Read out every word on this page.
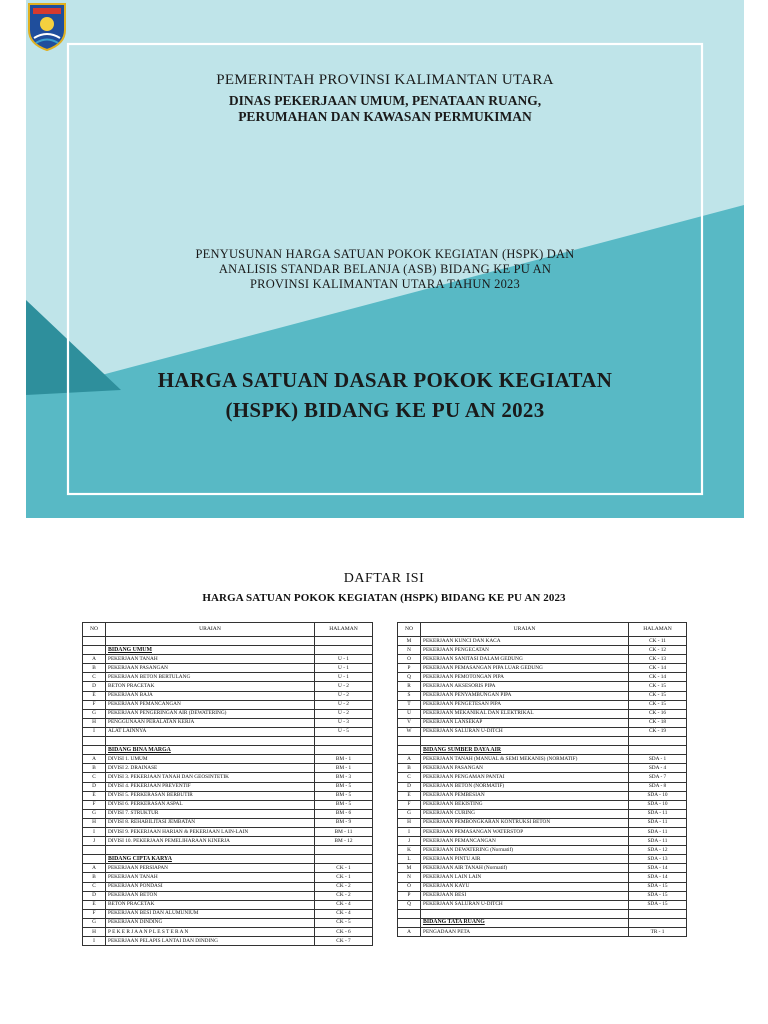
PEMERINTAH PROVINSI KALIMANTAN UTARA
DINAS PEKERJAAN UMUM, PENATAAN RUANG,
PERUMAHAN DAN KAWASAN PERMUKIMAN
PENYUSUNAN HARGA SATUAN POKOK KEGIATAN (HSPK) DAN
ANALISIS STANDAR BELANJA (ASB) BIDANG KE PU AN
PROVINSI KALIMANTAN UTARA TAHUN 2023
HARGA SATUAN DASAR POKOK KEGIATAN
(HSPK) BIDANG KE PU AN 2023
DAFTAR ISI
HARGA SATUAN POKOK KEGIATAN (HSPK) BIDANG KE PU AN 2023
NO	URAIAN	HALAMAN

	BIDANG UMUM	
A	PEKERJAAN TANAH	U - 1
B	PEKERJAAN PASANGAN	U - 1
C	PEKERJAAN BETON BERTULANG	U - 1
D	BETON PRACETAK	U - 2
E	PEKERJAAN BAJA	U - 2
F	PEKERJAAN PEMANCANGAN	U - 2
G	PEKERJAAN PENGERINGAN AIR (DEWATERING)	U - 2
H	PENGGUNAAN PERALATAN KERJA	U - 3
I	ALAT LAINNYA	U - 5

	BIDANG BINA MARGA	
A	DIVISI 1. UMUM	BM - 1
B	DIVISI 2. DRAINASE	BM - 1
C	DIVISI 3. PEKERJAAN TANAH DAN GEOSINTETIK	BM - 3
D	DIVISI 4. PEKERJAAN PREVENTIF	BM - 5
E	DIVISI 5. PERKERASAN BERBUTIR	BM - 5
F	DIVISI 6. PERKERASAN ASPAL	BM - 5
G	DIVISI 7. STRUKTUR	BM - 6
H	DIVISI 8. REHABILITASI JEMBATAN	BM - 9
I	DIVISI 9. PEKERJAAN HARIAN & PEKERJAAN LAIN-LAIN	BM - 11
J	DIVISI 10. PEKERJAAN PEMELIHARAAN KINERJA	BM - 12

	BIDANG CIPTA KARYA	
A	PEKERJAAN PERSIAPAN	CK - 1
B	PEKERJAAN TANAH	CK - 1
C	PEKERJAAN PONDASI	CK - 2
D	PEKERJAAN BETON	CK - 2
E	BETON PRACETAK	CK - 4
F	PEKERJAAN BESI DAN ALUMUNIUM	CK - 4
G	PEKERJAAN DINDING	CK - 5
H	P E K E R J A A N P L E S T E R A N	CK - 6
I	PEKERJAAN PELAPIS LANTAI DAN DINDING	CK - 7
NO	URAIAN	HALAMAN
M	PEKERJAAN KUNCI DAN KACA	CK - 11
N	PEKERJAAN PENGECATAN	CK - 12
O	PEKERJAAN SANITASI DALAM GEDUNG	CK - 13
P	PEKERJAAN PEMASANGAN PIPA LUAR GEDUNG	CK - 14
Q	PEKERJAAN PEMOTONGAN PIPA	CK - 14
R	PEKERJAAN AKSESORIS PIPA	CK - 15
S	PEKERJAAN PENYAMBUNGAN PIPA	CK - 15
T	PEKERJAAN PENGETESAN PIPA	CK - 15
U	PEKERJAAN MEKANIKAL DAN ELEKTRIKAL	CK - 16
V	PEKERJAAN LANSEKAP	CK - 18
W	PEKERJAAN SALURAN U-DITCH	CK - 19

	BIDANG SUMBER DAYA AIR	
A	PEKERJAAN TANAH (MANUAL & SEMI MEKANIS) (NORMATIF)	SDA - 1
B	PEKERJAAN PASANGAN	SDA - 4
C	PEKERJAAN PENGAMAN PANTAI	SDA - 7
D	PEKERJAAN BETON (NORMATIF)	SDA - 8
E	PEKERJAAN PEMBESIAN	SDA - 10
F	PEKERJAAN BEKISTING	SDA - 10
G	PEKERJAAN CURING	SDA - 11
H	PEKERJAAN PEMBONGKARAN KONTRUKSI BETON	SDA - 11
I	PEKERJAAN PEMASANGAN WATERSTOP	SDA - 11
J	PEKERJAAN PEMANCANGAN	SDA - 11
K	PEKERJAAN DEWATERING (Normatif)	SDA - 12
L	PEKERJAAN PINTU AIR	SDA - 13
M	PEKERJAAN AIR TANAH (Normatif)	SDA - 14
N	PEKERJAAN LAIN LAIN	SDA - 14
O	PEKERJAAN KAYU	SDA - 15
P	PEKERJAAN BESI	SDA - 15
Q	PEKERJAAN SALURAN U-DITCH	SDA - 15

	BIDANG TATA RUANG	
A	PENGADAAN PETA	TR - 1
